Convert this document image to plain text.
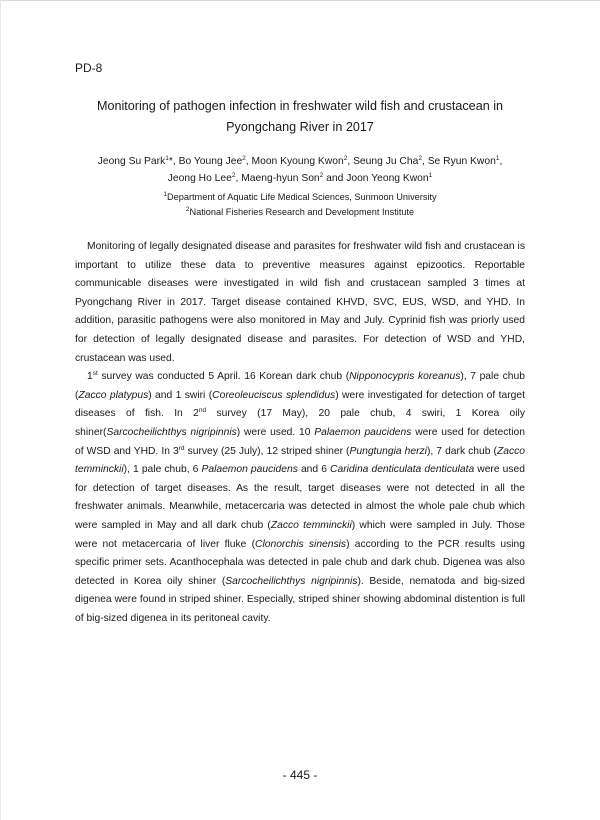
PD-8
Monitoring of pathogen infection in freshwater wild fish and crustacean in
Pyongchang River in 2017
Jeong Su Park$^1$*, Bo Young Jee$^2$, Moon Kyoung Kwon$^2$, Seung Ju Cha$^2$, Se Ryun Kwon$^1$,
Jeong Ho Lee$^2$, Maeng-hyun Son$^2$ and Joon Yeong Kwon$^1$
$^1$Department of Aquatic Life Medical Sciences, Sunmoon University
$^2$National Fisheries Research and Development Institute

Monitoring of legally designated disease and parasites for freshwater wild fish and crustacean is important to utilize these data to preventive measures against epizootics. Reportable communicable diseases were investigated in wild fish and crustacean sampled 3 times at Pyongchang River in 2017. Target disease contained KHVD, SVC, EUS, WSD, and YHD. In addition, parasitic pathogens were also monitored in May and July. Cyprinid fish was priorly used for detection of legally designated disease and parasites. For detection of WSD and YHD, crustacean was used.

1st survey was conducted 5 April. 16 Korean dark chub (Nipponocypris koreanus), 7 pale chub (Zacco platypus) and 1 swiri (Coreoleuciscus splendidus) were investigated for detection of target diseases of fish. In 2nd survey (17 May), 20 pale chub, 4 swiri, 1 Korea oily shiner(Sarcocheilichthys nigripinnis) were used. 10 Palaemon paucidens were used for detection of WSD and YHD. In 3rd survey (25 July), 12 striped shiner (Pungtungia herzi), 7 dark chub (Zacco temminckii), 1 pale chub, 6 Palaemon paucidens and 6 Caridina denticulata denticulata were used for detection of target diseases. As the result, target diseases were not detected in all the freshwater animals. Meanwhile, metacercaria was detected in almost the whole pale chub which were sampled in May and all dark chub (Zacco temminckii) which were sampled in July. Those were not metacercaria of liver fluke (Clonorchis sinensis) according to the PCR results using specific primer sets. Acanthocephala was detected in pale chub and dark chub. Digenea was also detected in Korea oily shiner (Sarcocheilichthys nigripinnis). Beside, nematoda and big-sized digenea were found in striped shiner. Especially, striped shiner showing abdominal distention is full of big-sized digenea in its peritoneal cavity.

- 445 -
